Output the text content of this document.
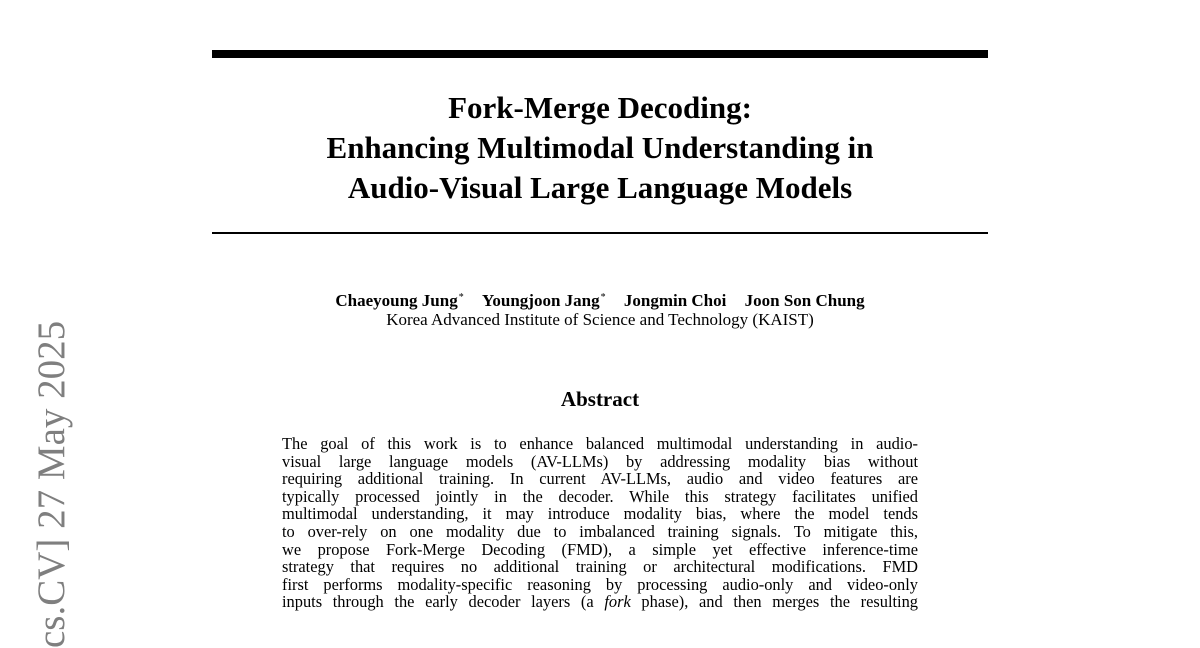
Fork-Merge Decoding:
Enhancing Multimodal Understanding in
Audio-Visual Large Language Models
Chaeyoung Jung* Youngjoon Jang* Jongmin Choi Joon Son Chung
Korea Advanced Institute of Science and Technology (KAIST)
Abstract
The goal of this work is to enhance balanced multimodal understanding in audio-
visual large language models (AV-LLMs) by addressing modality bias without
requiring additional training. In current AV-LLMs, audio and video features are
typically processed jointly in the decoder. While this strategy facilitates unified
multimodal understanding, it may introduce modality bias, where the model tends
to over-rely on one modality due to imbalanced training signals. To mitigate this,
we propose Fork-Merge Decoding (FMD), a simple yet effective inference-time
strategy that requires no additional training or architectural modifications. FMD
first performs modality-specific reasoning by processing audio-only and video-only
inputs through the early decoder layers (a fork phase), and then merges the resulting
cs.CV] 27 May 2025
